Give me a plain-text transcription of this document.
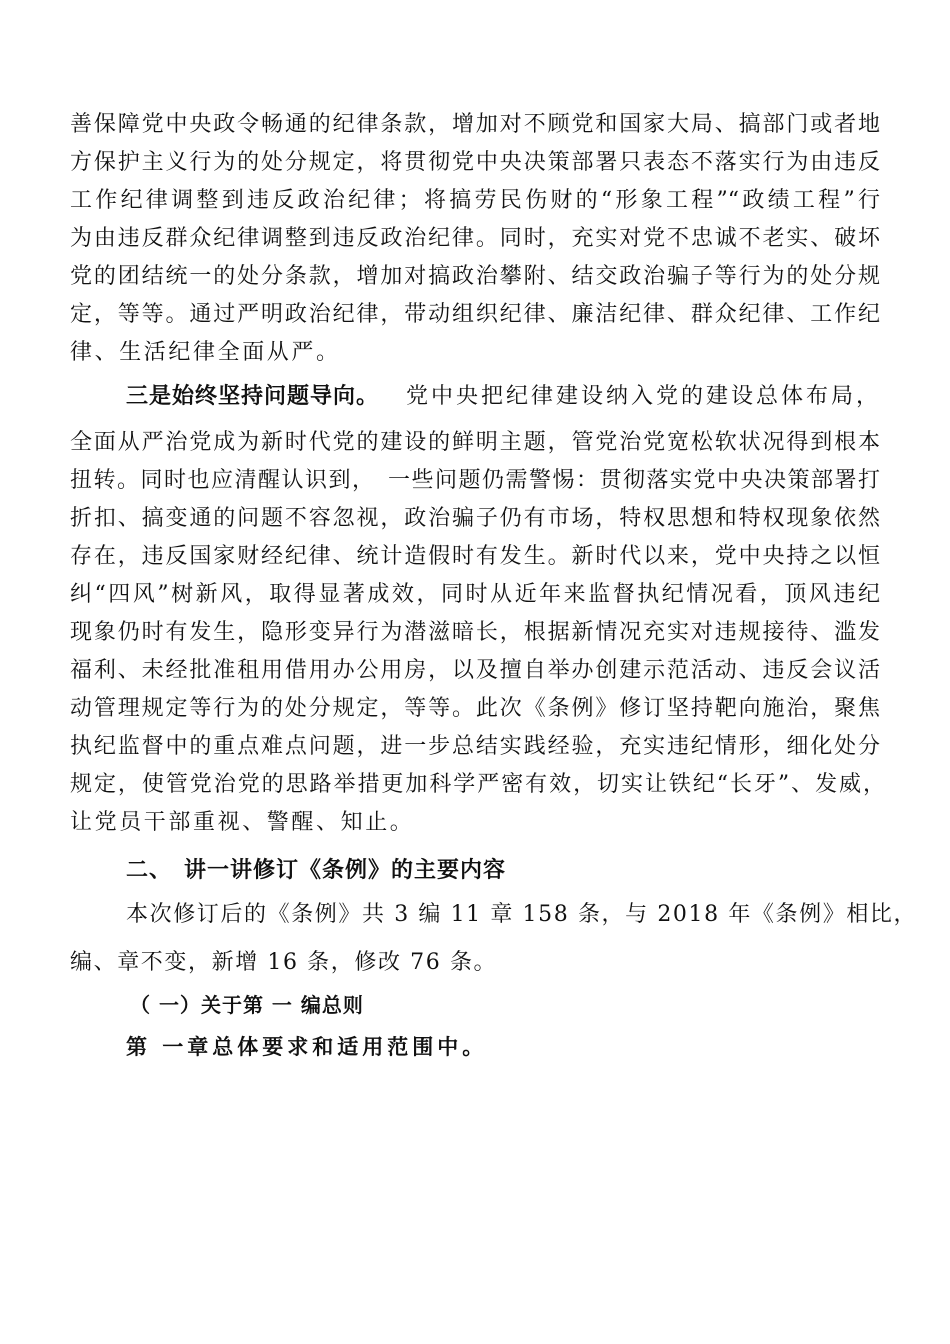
善保障党中央政令畅通的纪律条款，增加对不顾党和国家大局、搞部门或者地
方保护主义行为的处分规定，将贯彻党中央决策部署只表态不落实行为由违反
工作纪律调整到违反政治纪律；将搞劳民伤财的“形象工程”“政绩工程”行
为由违反群众纪律调整到违反政治纪律。同时，充实对党不忠诚不老实、破坏
党的团结统一的处分条款，增加对搞政治攀附、结交政治骗子等行为的处分规
定，等等。通过严明政治纪律，带动组织纪律、廉洁纪律、群众纪律、工作纪
律、生活纪律全面从严。
三是始终坚持问题导向。 党中央把纪律建设纳入党的建设总体布局，
全面从严治党成为新时代党的建设的鲜明主题，管党治党宽松软状况得到根本
扭转。同时也应清醒认识到，　一些问题仍需警惕：贯彻落实党中央决策部署打
折扣、搞变通的问题不容忽视，政治骗子仍有市场，特权思想和特权现象依然
存在，违反国家财经纪律、统计造假时有发生。新时代以来，党中央持之以恒
纠“四风”树新风，取得显著成效，同时从近年来监督执纪情况看，顶风违纪
现象仍时有发生，隐形变异行为潜滋暗长，根据新情况充实对违规接待、滥发
福利、未经批准租用借用办公用房，以及擅自举办创建示范活动、违反会议活
动管理规定等行为的处分规定，等等。此次《条例》修订坚持靶向施治，聚焦
执纪监督中的重点难点问题，进一步总结实践经验，充实违纪情形，细化处分
规定，使管党治党的思路举措更加科学严密有效，切实让铁纪“长牙”、发威，
让党员干部重视、警醒、知止。
二、　讲一讲修订《条例》的主要内容
本次修订后的《条例》共 3 编 11 章 158 条，与 2018 年《条例》相比，
编、章不变，新增 16 条，修改 76 条。
（ 一）关于第 一 编总则
第 一章总体要求和适用范围中。
